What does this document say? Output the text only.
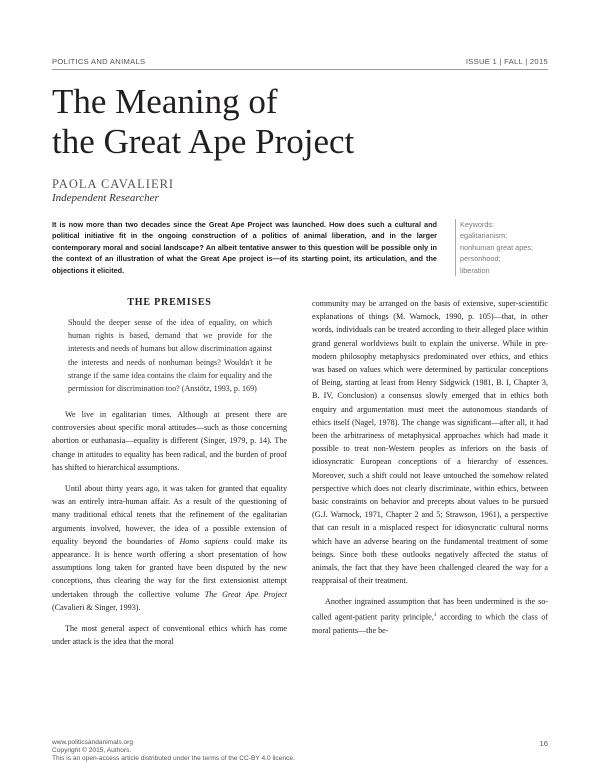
POLITICS AND ANIMALS	ISSUE 1 | FALL | 2015
The Meaning of
the Great Ape Project
PAOLA CAVALIERI
Independent Researcher
It is now more than two decades since the Great Ape Project was launched. How does such a cultural and political initiative fit in the ongoing construction of a politics of animal liberation, and in the larger contemporary moral and social landscape? An albeit tentative answer to this question will be possible only in the context of an illustration of what the Great Ape project is—of its starting point, its articulation, and the objections it elicited.
Keywords:
egalitarianism;
nonhuman great apes;
personhood;
liberation
THE PREMISES
Should the deeper sense of the idea of equality, on which human rights is based, demand that we provide for the interests and needs of humans but allow discrimination against the interests and needs of nonhuman beings? Wouldn't it be strange if the same idea contains the claim for equality and the permission for discrimination too? (Anstötz, 1993, p. 169)

We live in egalitarian times. Although at present there are controversies about specific moral attitudes—such as those concerning abortion or euthanasia—equality is different (Singer, 1979, p. 14). The change in attitudes to equality has been radical, and the burden of proof has shifted to hierarchical assumptions.

Until about thirty years ago, it was taken for granted that equality was an entirely intra-human affair. As a result of the questioning of many traditional ethical tenets that the refinement of the egalitarian arguments involved, however, the idea of a possible extension of equality beyond the boundaries of Homo sapiens could make its appearance. It is hence worth offering a short presentation of how assumptions long taken for granted have been disputed by the new conceptions, thus clearing the way for the first extensionist attempt undertaken through the collective volume The Great Ape Project (Cavalieri & Singer, 1993).

The most general aspect of conventional ethics which has come under attack is the idea that the moral

community may be arranged on the basis of extensive, super-scientific explanations of things (M. Warnock, 1990, p. 105)—that, in other words, individuals can be treated according to their alleged place within grand general worldviews built to explain the universe. While in pre-modern philosophy metaphysics predominated over ethics, and ethics was based on values which were determined by particular conceptions of Being, starting at least from Henry Sidgwick (1981, B. I, Chapter 3, B. IV, Conclusion) a consensus slowly emerged that in ethics both enquiry and argumentation must meet the autonomous standards of ethics itself (Nagel, 1978). The change was significant—after all, it had been the arbitrariness of metaphysical approaches which had made it possible to treat non-Western peoples as inferiors on the basis of idiosyncratic European conceptions of a hierarchy of essences. Moreover, such a shift could not leave untouched the somehow related perspective which does not clearly discriminate, within ethics, between basic constraints on behavior and precepts about values to be pursued (G.J. Warnock, 1971, Chapter 2 and 5; Strawson, 1961), a perspective that can result in a misplaced respect for idiosyncratic cultural norms which have an adverse bearing on the fundamental treatment of some beings. Since both these outlooks negatively affected the status of animals, the fact that they have been challenged cleared the way for a reappraisal of their treatment.

Another ingrained assumption that has been undermined is the so-called agent-patient parity principle,$^1$ according to which the class of moral patients—the be-

www.politicsandanimals.org
Copyright © 2015, Authors.
This is an open-access article distributed under the terms of the CC-BY 4.0 licence.
16
